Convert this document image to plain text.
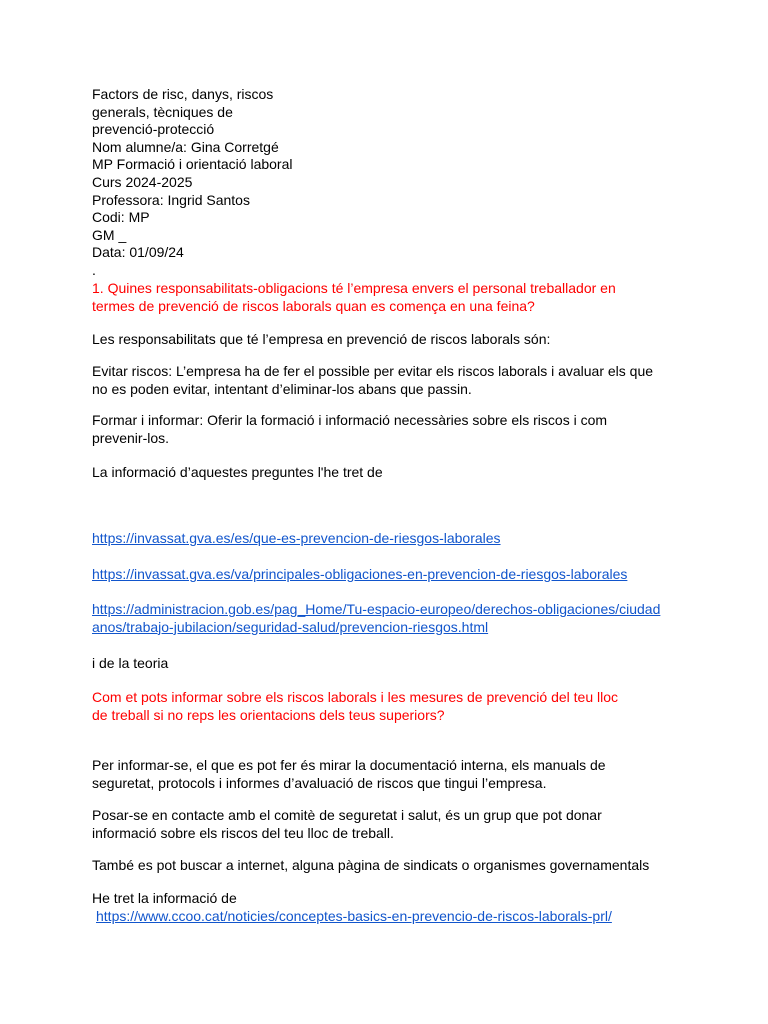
Factors de risc, danys, riscos
generals, tècniques de
prevenció-protecció
Nom alumne/a: Gina Corretgé
MP Formació i orientació laboral
Curs 2024-2025
Professora: Ingrid Santos
Codi: MP
GM _
Data: 01/09/24
.
1. Quines responsabilitats-obligacions té l’empresa envers el personal treballador en
termes de prevenció de riscos laborals quan es comença en una feina?
Les responsabilitats que té l’empresa en prevenció de riscos laborals són:
Evitar riscos: L’empresa ha de fer el possible per evitar els riscos laborals i avaluar els que
no es poden evitar, intentant d’eliminar-los abans que passin.
Formar i informar: Oferir la formació i informació necessàries sobre els riscos i com
prevenir-los.
La informació d’aquestes preguntes l'he tret de
https://invassat.gva.es/es/que-es-prevencion-de-riesgos-laborales
https://invassat.gva.es/va/principales-obligaciones-en-prevencion-de-riesgos-laborales
https://administracion.gob.es/pag_Home/Tu-espacio-europeo/derechos-obligaciones/ciudad
anos/trabajo-jubilacion/seguridad-salud/prevencion-riesgos.html
i de la teoria
Com et pots informar sobre els riscos laborals i les mesures de prevenció del teu lloc
de treball si no reps les orientacions dels teus superiors?
Per informar-se, el que es pot fer és mirar la documentació interna, els manuals de
seguretat, protocols i informes d’avaluació de riscos que tingui l’empresa.
Posar-se en contacte amb el comitè de seguretat i salut, és un grup que pot donar
informació sobre els riscos del teu lloc de treball.
També es pot buscar a internet, alguna pàgina de sindicats o organismes governamentals
He tret la informació de
https://www.ccoo.cat/noticies/conceptes-basics-en-prevencio-de-riscos-laborals-prl/
